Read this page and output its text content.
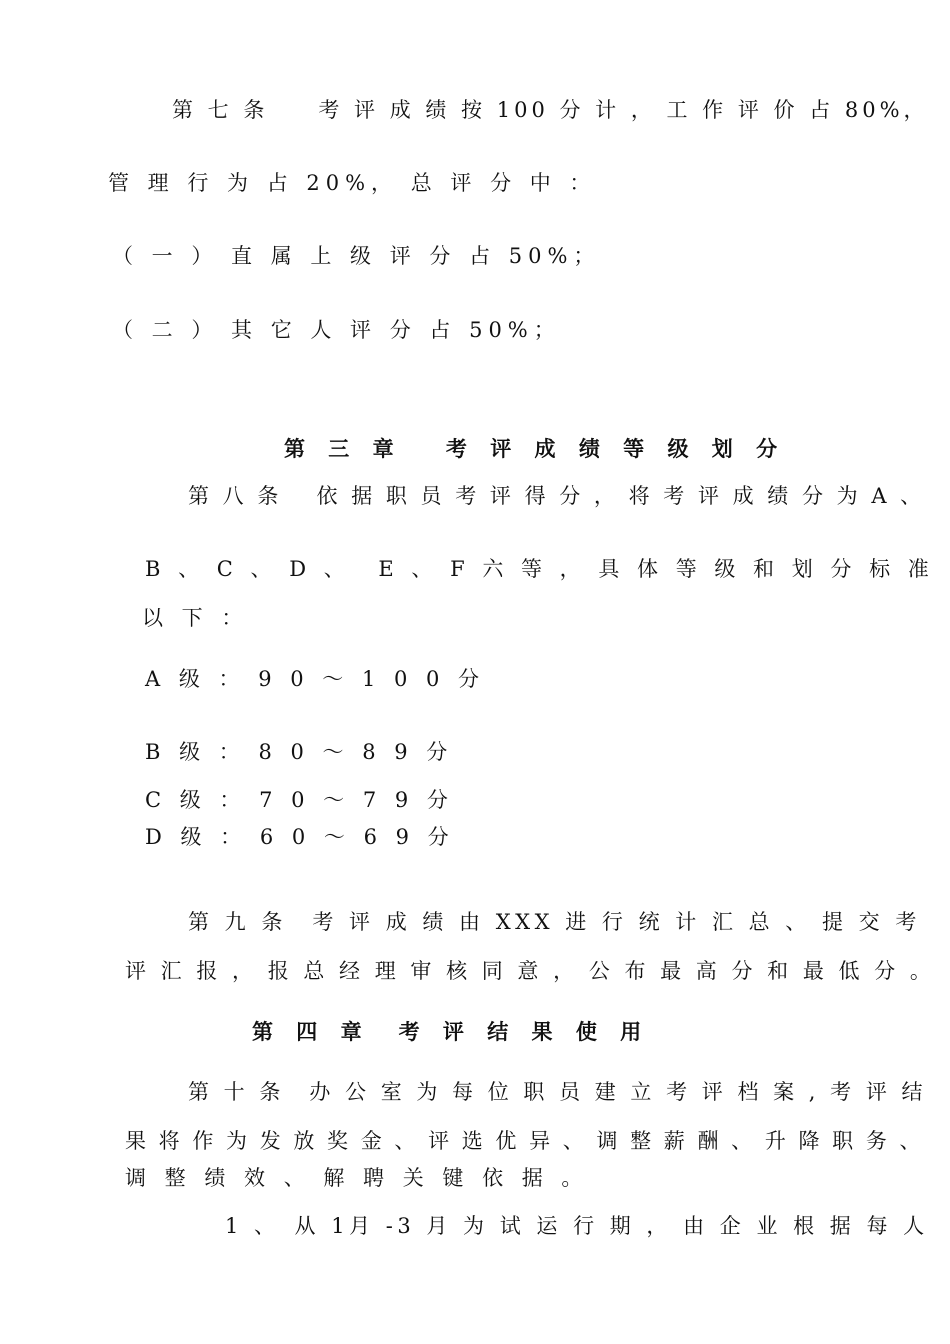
第 七 条　　考 评 成 绩 按 100 分 计 ， 工 作 评 价 占 80%，
管 理 行 为 占 20%， 总 评 分 中 ：
（ 一 ） 直 属 上 级 评 分 占 50%；
（ 二 ） 其 它 人 评 分 占 50%；
第 三 章　 考 评 成 绩 等 级 划 分
第 八 条　 依 据 职 员 考 评 得 分 ， 将 考 评 成 绩 分 为 A 、
B 、 C 、 D 、　 E 、 F 六 等 ， 具 体 等 级 和 划 分 标 准
以 下 ：
A 级 ： 9 0 ～ 1 0 0 分
B 级 ： 8 0 ～ 8 9 分
C 级 ： 7 0 ～ 7 9 分
D 级 ： 6 0 ～ 6 9 分
第 九 条　考 评 成 绩 由 XXX 进 行 统 计 汇 总 、 提 交 考
评 汇 报 ， 报 总 经 理 审 核 同 意 ， 公 布 最 高 分 和 最 低 分 。
第 四 章　考 评 结 果 使 用
第 十 条　办 公 室 为 每 位 职 员 建 立 考 评 档 案 , 考 评 结
果 将 作 为 发 放 奖 金 、 评 选 优 异 、 调 整 薪 酬 、 升 降 职 务 、
调 整 绩 效 、 解 聘 关 键 依 据 。
1 、　从 1月 -3 月 为 试 运 行 期 ， 由 企 业 根 据 每 人
